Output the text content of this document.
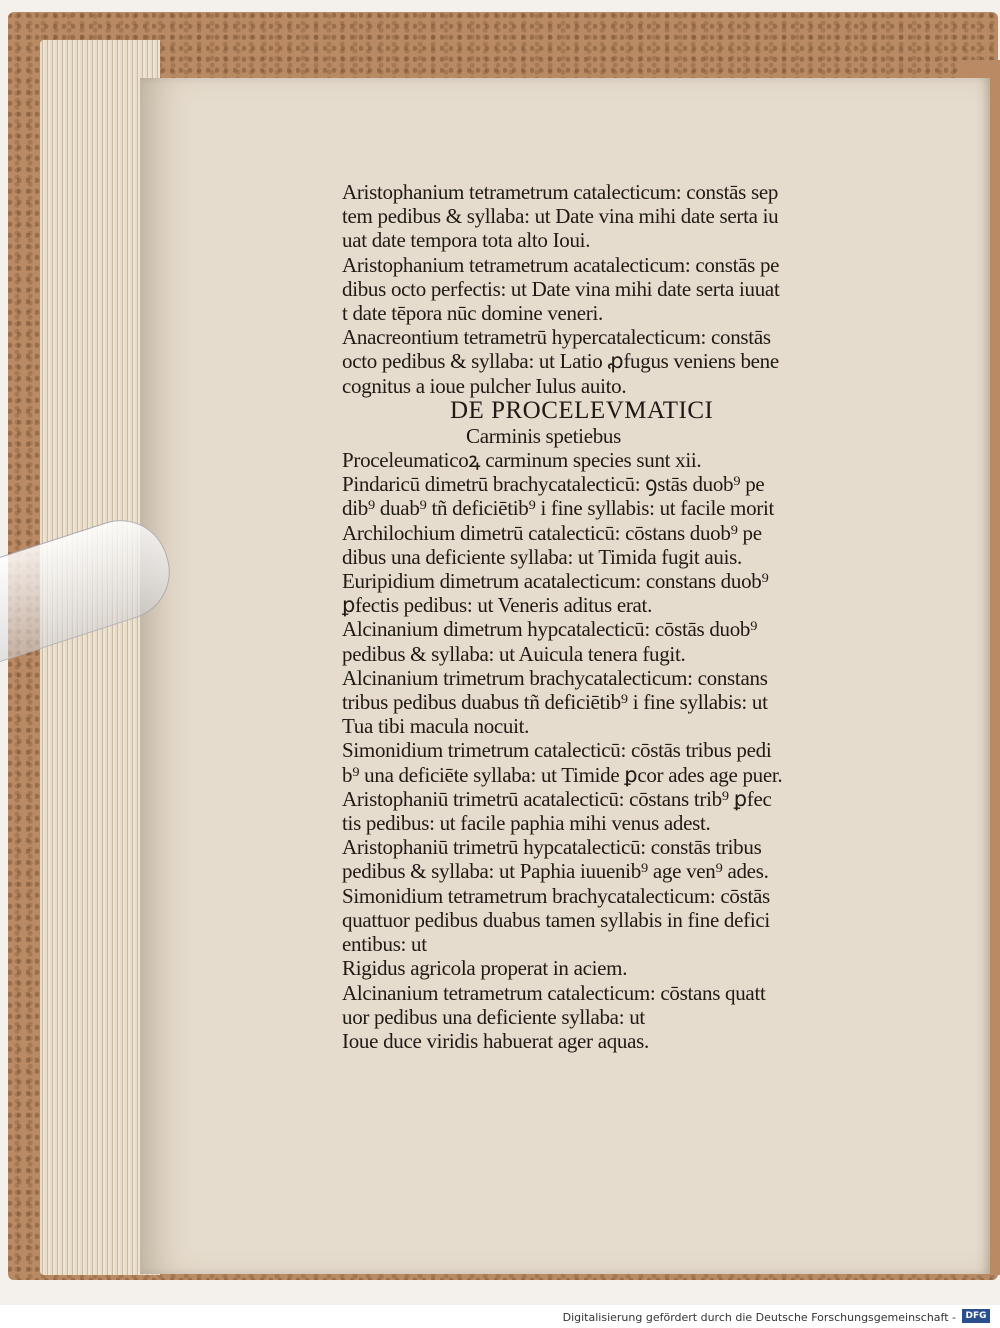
Aristophanium tetrametrum catalecticum: constās sep
tem pedibus & syllaba: ut Date vina mihi date serta iu
uat date tempora tota alto Ioui.
Aristophanium tetrametrum acatalecticum: constās pe
dibus octo perfectis: ut Date vina mihi date serta iuuat
t date tēpora nūc domine veneri.
Anacreontium tetrametrū hypercatalecticum: constās
octo pedibus & syllaba: ut Latio ꝓfugus veniens bene
cognitus a ioue pulcher Iulus auito.
DE PROCELEVMATICI
Carminis spetiebus
Proceleumaticoꝝ carminum species sunt xii.
Pindaricū dimetrū brachycatalecticū: ꝯstās duob⁹ pe
dib⁹ duab⁹ tñ deficiētib⁹ i fine syllabis: ut facile morit
Archilochium dimetrū catalecticū: cōstans duob⁹ pe
dibus una deficiente syllaba: ut Timida fugit auis.
Euripidium dimetrum acatalecticum: constans duob⁹
ꝑfectis pedibus: ut Veneris aditus erat.
Alcinanium dimetrum hypcatalecticū: cōstās duob⁹
pedibus & syllaba: ut Auicula tenera fugit.
Alcinanium trimetrum brachycatalecticum: constans
tribus pedibus duabus tñ deficiētib⁹ i fine syllabis: ut
Tua tibi macula nocuit.
Simonidium trimetrum catalecticū: cōstās tribus pedi
b⁹ una deficiēte syllaba: ut Timide ꝑcor ades age puer.
Aristophaniū trimetrū acatalecticū: cōstans trib⁹ ꝑfec
tis pedibus: ut facile paphia mihi venus adest.
Aristophaniū trimetrū hypcatalecticū: constās tribus
pedibus & syllaba: ut Paphia iuuenib⁹ age ven⁹ ades.
Simonidium tetrametrum brachycatalecticum: cōstās
quattuor pedibus duabus tamen syllabis in fine defici
entibus: ut
Rigidus agricola properat in aciem.
Alcinanium tetrametrum catalecticum: cōstans quatt
uor pedibus una deficiente syllaba: ut
Ioue duce viridis habuerat ager aquas.
Digitalisierung gefördert durch die Deutsche Forschungsgemeinschaft -	DFG
